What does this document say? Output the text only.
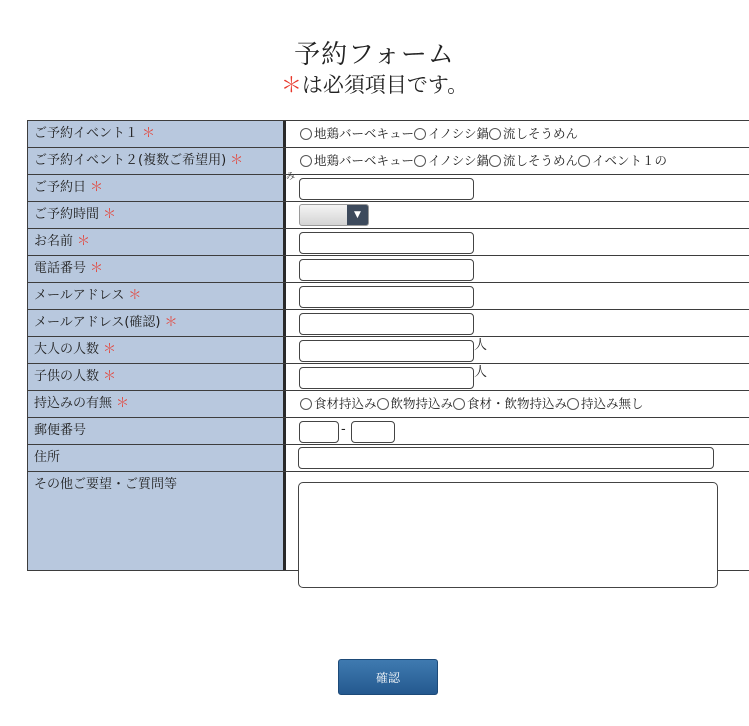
予約フォーム
＊は必須項目です。
ご予約イベント１ ＊	地鶏バーベキュー イノシシ鍋 流しそうめん
ご予約イベント２(複数ご希望用) ＊	地鶏バーベキュー イノシシ鍋 流しそうめん イベント１の
ご予約日 ＊
み
ご予約時間 ＊	▼
お名前 ＊
電話番号 ＊
メールアドレス ＊
メールアドレス(確認) ＊
大人の人数 ＊	人
子供の人数 ＊	人
持込みの有無 ＊	食材持込み 飲物持込み 食材・飲物持込み 持込み無し
郵便番号	-
住所
その他ご要望・ご質問等
確認
